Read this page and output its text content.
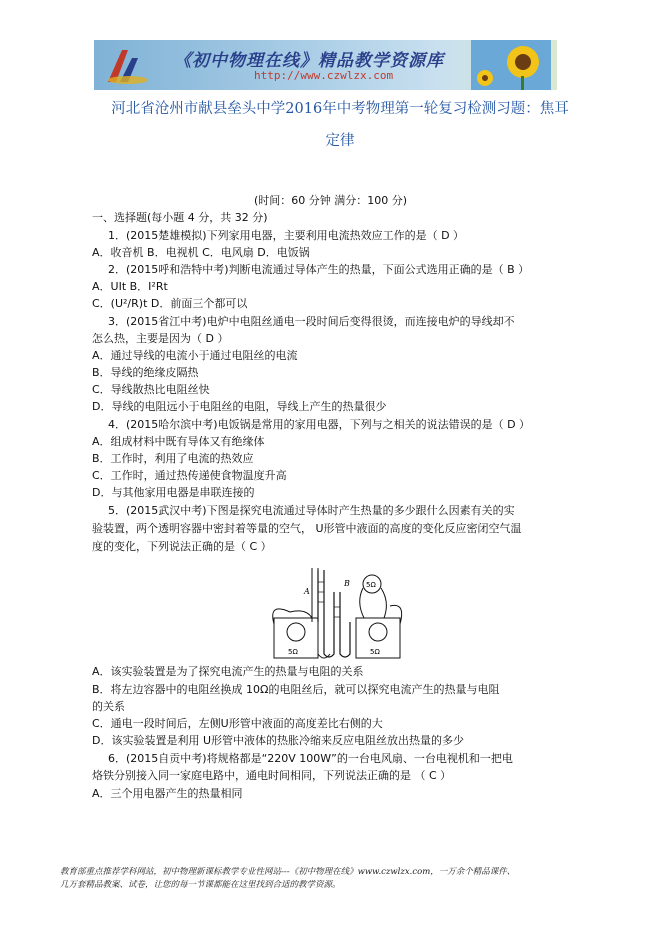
《初中物理在线》精品教学资源库
http://www.czwlzx.com
河北省沧州市献县垒头中学2016年中考物理第一轮复习检测习题：焦耳
定律
(时间：60 分钟 满分：100 分)
一、选择题(每小题 4 分，共 32 分)
1．(2015楚雄模拟)下列家用电器，主要利用电流热效应工作的是（ D ）
A．收音机 B．电视机 C．电风扇 D．电饭锅
2．(2015呼和浩特中考)判断电流通过导体产生的热量，下面公式选用正确的是（ B ）
A．UIt B．I²Rt
C．(U²/R)t D．前面三个都可以
3．(2015省江中考)电炉中电阻丝通电一段时间后变得很烫，而连接电炉的导线却不
怎么热，主要是因为（ D ）
A．通过导线的电流小于通过电阻丝的电流
B．导线的绝缘皮隔热
C．导线散热比电阻丝快
D．导线的电阻远小于电阻丝的电阻，导线上产生的热量很少
4．(2015哈尔滨中考)电饭锅是常用的家用电器，下列与之相关的说法错误的是（ D ）
A．组成材料中既有导体又有绝缘体
B．工作时，利用了电流的热效应
C．工作时，通过热传递使食物温度升高
D．与其他家用电器是串联连接的
5．(2015武汉中考)下图是探究电流通过导体时产生热量的多少跟什么因素有关的实
验装置，两个透明容器中密封着等量的空气， U形管中液面的高度的变化反应密闭空气温
度的变化，下列说法正确的是（ C ）
A
B 5Ω
5Ω	5Ω
A．该实验装置是为了探究电流产生的热量与电阻的关系
B．将左边容器中的电阻丝换成 10Ω的电阻丝后，就可以探究电流产生的热量与电阻
的关系
C．通电一段时间后，左侧U形管中液面的高度差比右侧的大
D．该实验装置是利用 U形管中液体的热胀冷缩来反应电阻丝放出热量的多少
6．(2015自贡中考)将规格都是“220V 100W”的一台电风扇、一台电视机和一把电
烙铁分别接入同一家庭电路中，通电时间相同，下列说法正确的是 （ C ）
A．三个用电器产生的热量相同
教育部重点推荐学科网站，初中物理新课标教学专业性网站---《初中物理在线》www.czwlzx.com，一万余个精品课件、
几万套精品教案、试卷，让您的每一节课都能在这里找到合适的教学资源。
